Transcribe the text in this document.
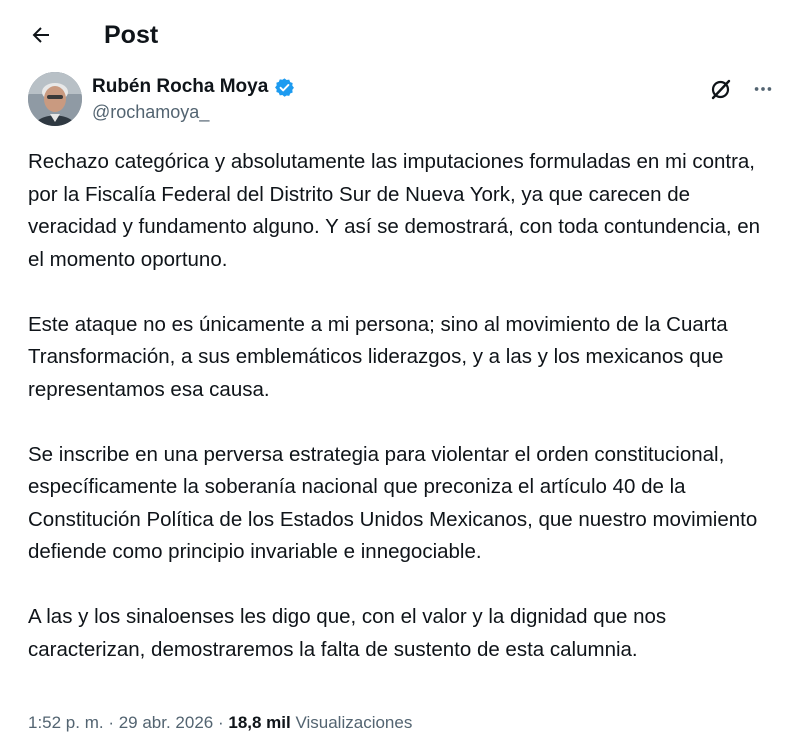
Post
Rubén Rocha Moya
@rochamoya_

Rechazo categórica y absolutamente las imputaciones formuladas en mi contra, por la Fiscalía Federal del Distrito Sur de Nueva York, ya que carecen de veracidad y fundamento alguno. Y así se demostrará, con toda contundencia, en el momento oportuno.

Este ataque no es únicamente a mi persona; sino al movimiento de la Cuarta Transformación, a sus emblemáticos liderazgos, y a las y los mexicanos que representamos esa causa.

Se inscribe en una perversa estrategia para violentar el orden constitucional, específicamente la soberanía nacional que preconiza el artículo 40 de la Constitución Política de los Estados Unidos Mexicanos, que nuestro movimiento defiende como principio invariable e innegociable.

A las y los sinaloenses les digo que, con el valor y la dignidad que nos caracterizan, demostraremos la falta de sustento de esta calumnia.

1:52 p. m. · 29 abr. 2026 · 18,8 mil Visualizaciones
